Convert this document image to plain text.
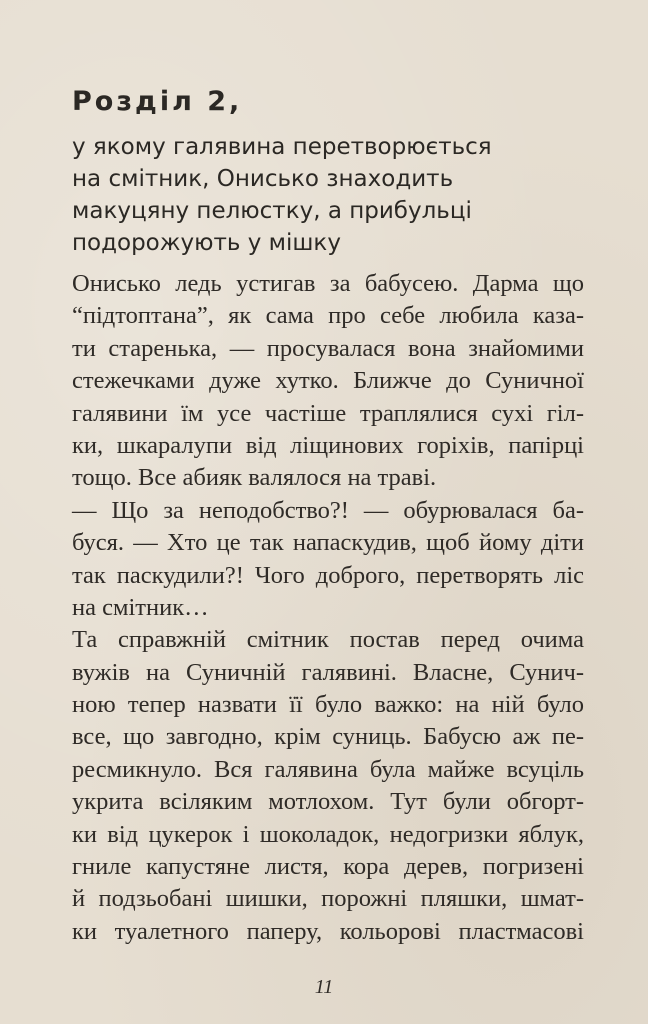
Розділ 2,
у якому галявина перетворюється
на смітник, Онисько знаходить
макуцяну пелюстку, а прибульці
подорожують у мішку
Онисько ледь устигав за бабусею. Дарма що
“підтоптана”, як сама про себе любила каза-
ти старенька, — просувалася вона знайомими
стежечками дуже хутко. Ближче до Суничної
галявини їм усе частіше траплялися сухі гіл-
ки, шкаралупи від ліщинових горіхів, папірці
тощо. Все абияк валялося на траві.
— Що за неподобство?! — обурювалася ба-
буся. — Хто це так напаскудив, щоб йому діти
так паскудили?! Чого доброго, перетворять ліс
на смітник…
Та справжній смітник постав перед очима
вужів на Суничній галявині. Власне, Сунич-
ною тепер назвати її було важко: на ній було
все, що завгодно, крім суниць. Бабусю аж пе-
ресмикнуло. Вся галявина була майже всуціль
укрита всіляким мотлохом. Тут були обгорт-
ки від цукерок і шоколадок, недогризки яблук,
гниле капустяне листя, кора дерев, погризені
й подзьобані шишки, порожні пляшки, шмат-
ки туалетного паперу, кольорові пластмасові
11
